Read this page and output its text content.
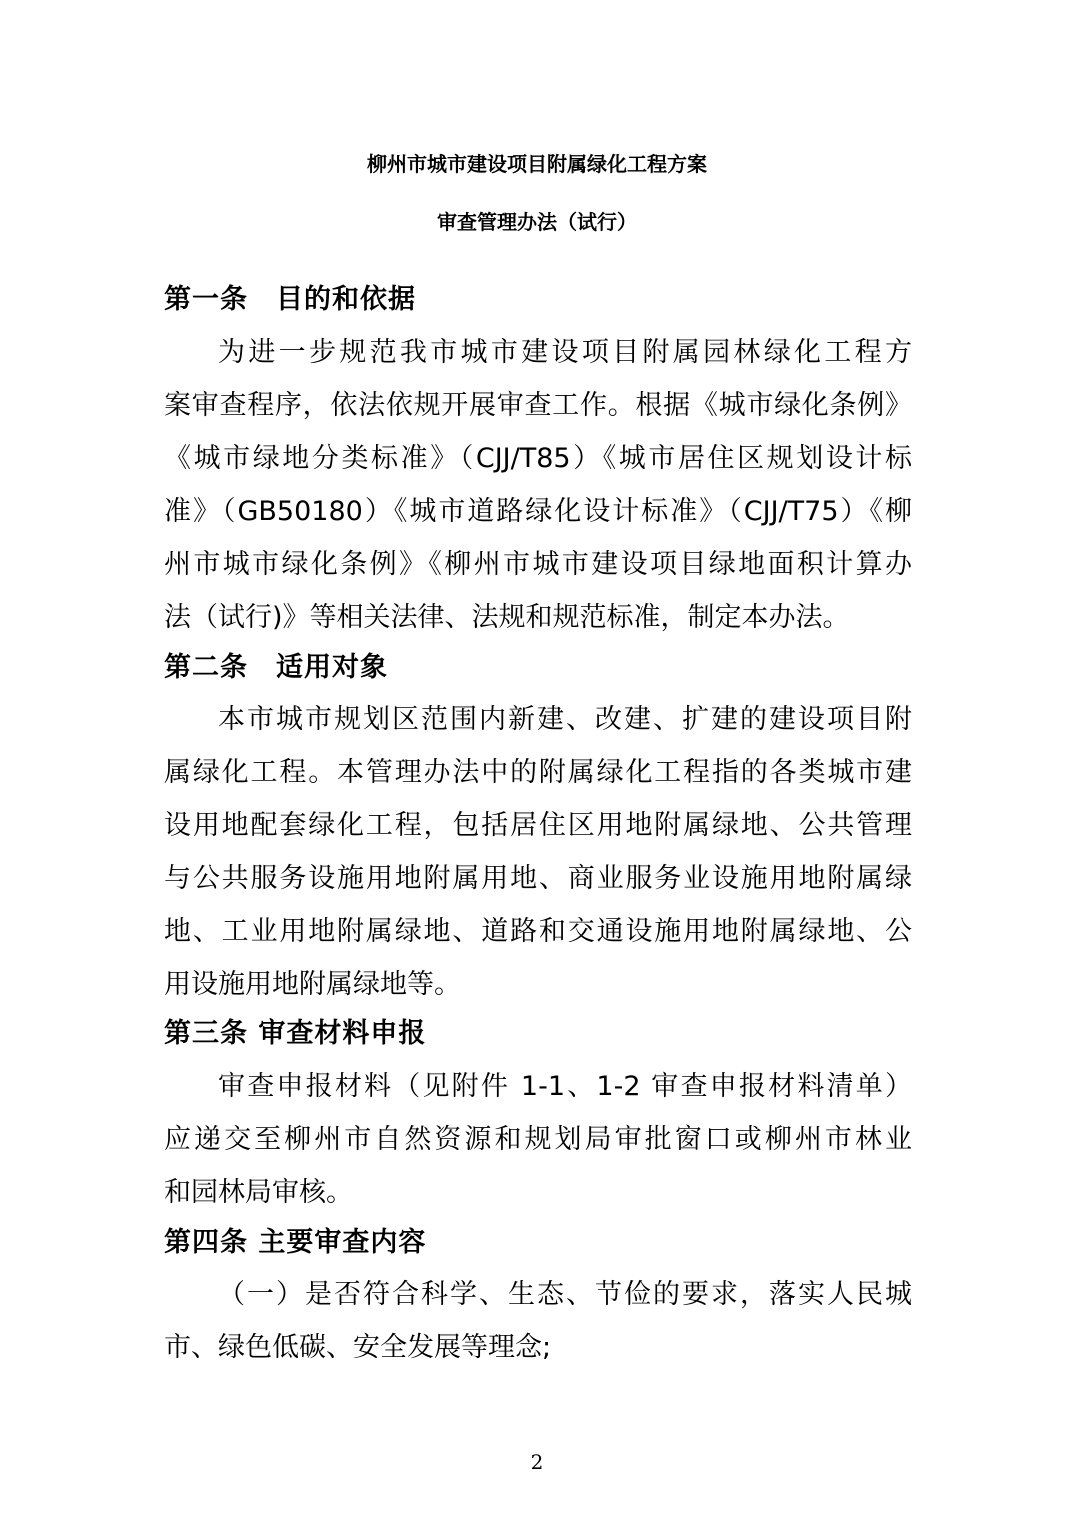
柳州市城市建设项目附属绿化工程方案
审查管理办法（试行）
第一条　目的和依据
为进一步规范我市城市建设项目附属园林绿化工程方
案审查程序，依法依规开展审查工作。根据《城市绿化条例》
《城市绿地分类标准》（CJJ/T85）《城市居住区规划设计标
准》（GB50180）《城市道路绿化设计标准》（CJJ/T75）《柳
州市城市绿化条例》《柳州市城市建设项目绿地面积计算办
法（试行)》等相关法律、法规和规范标准，制定本办法。
第二条　适用对象
本市城市规划区范围内新建、改建、扩建的建设项目附
属绿化工程。本管理办法中的附属绿化工程指的各类城市建
设用地配套绿化工程，包括居住区用地附属绿地、公共管理
与公共服务设施用地附属用地、商业服务业设施用地附属绿
地、工业用地附属绿地、道路和交通设施用地附属绿地、公
用设施用地附属绿地等。
第三条 审查材料申报
审查申报材料（见附件 1-1、1-2 审查申报材料清单）
应递交至柳州市自然资源和规划局审批窗口或柳州市林业
和园林局审核。
第四条 主要审查内容
（一）是否符合科学、生态、节俭的要求，落实人民城
市、绿色低碳、安全发展等理念;
2
